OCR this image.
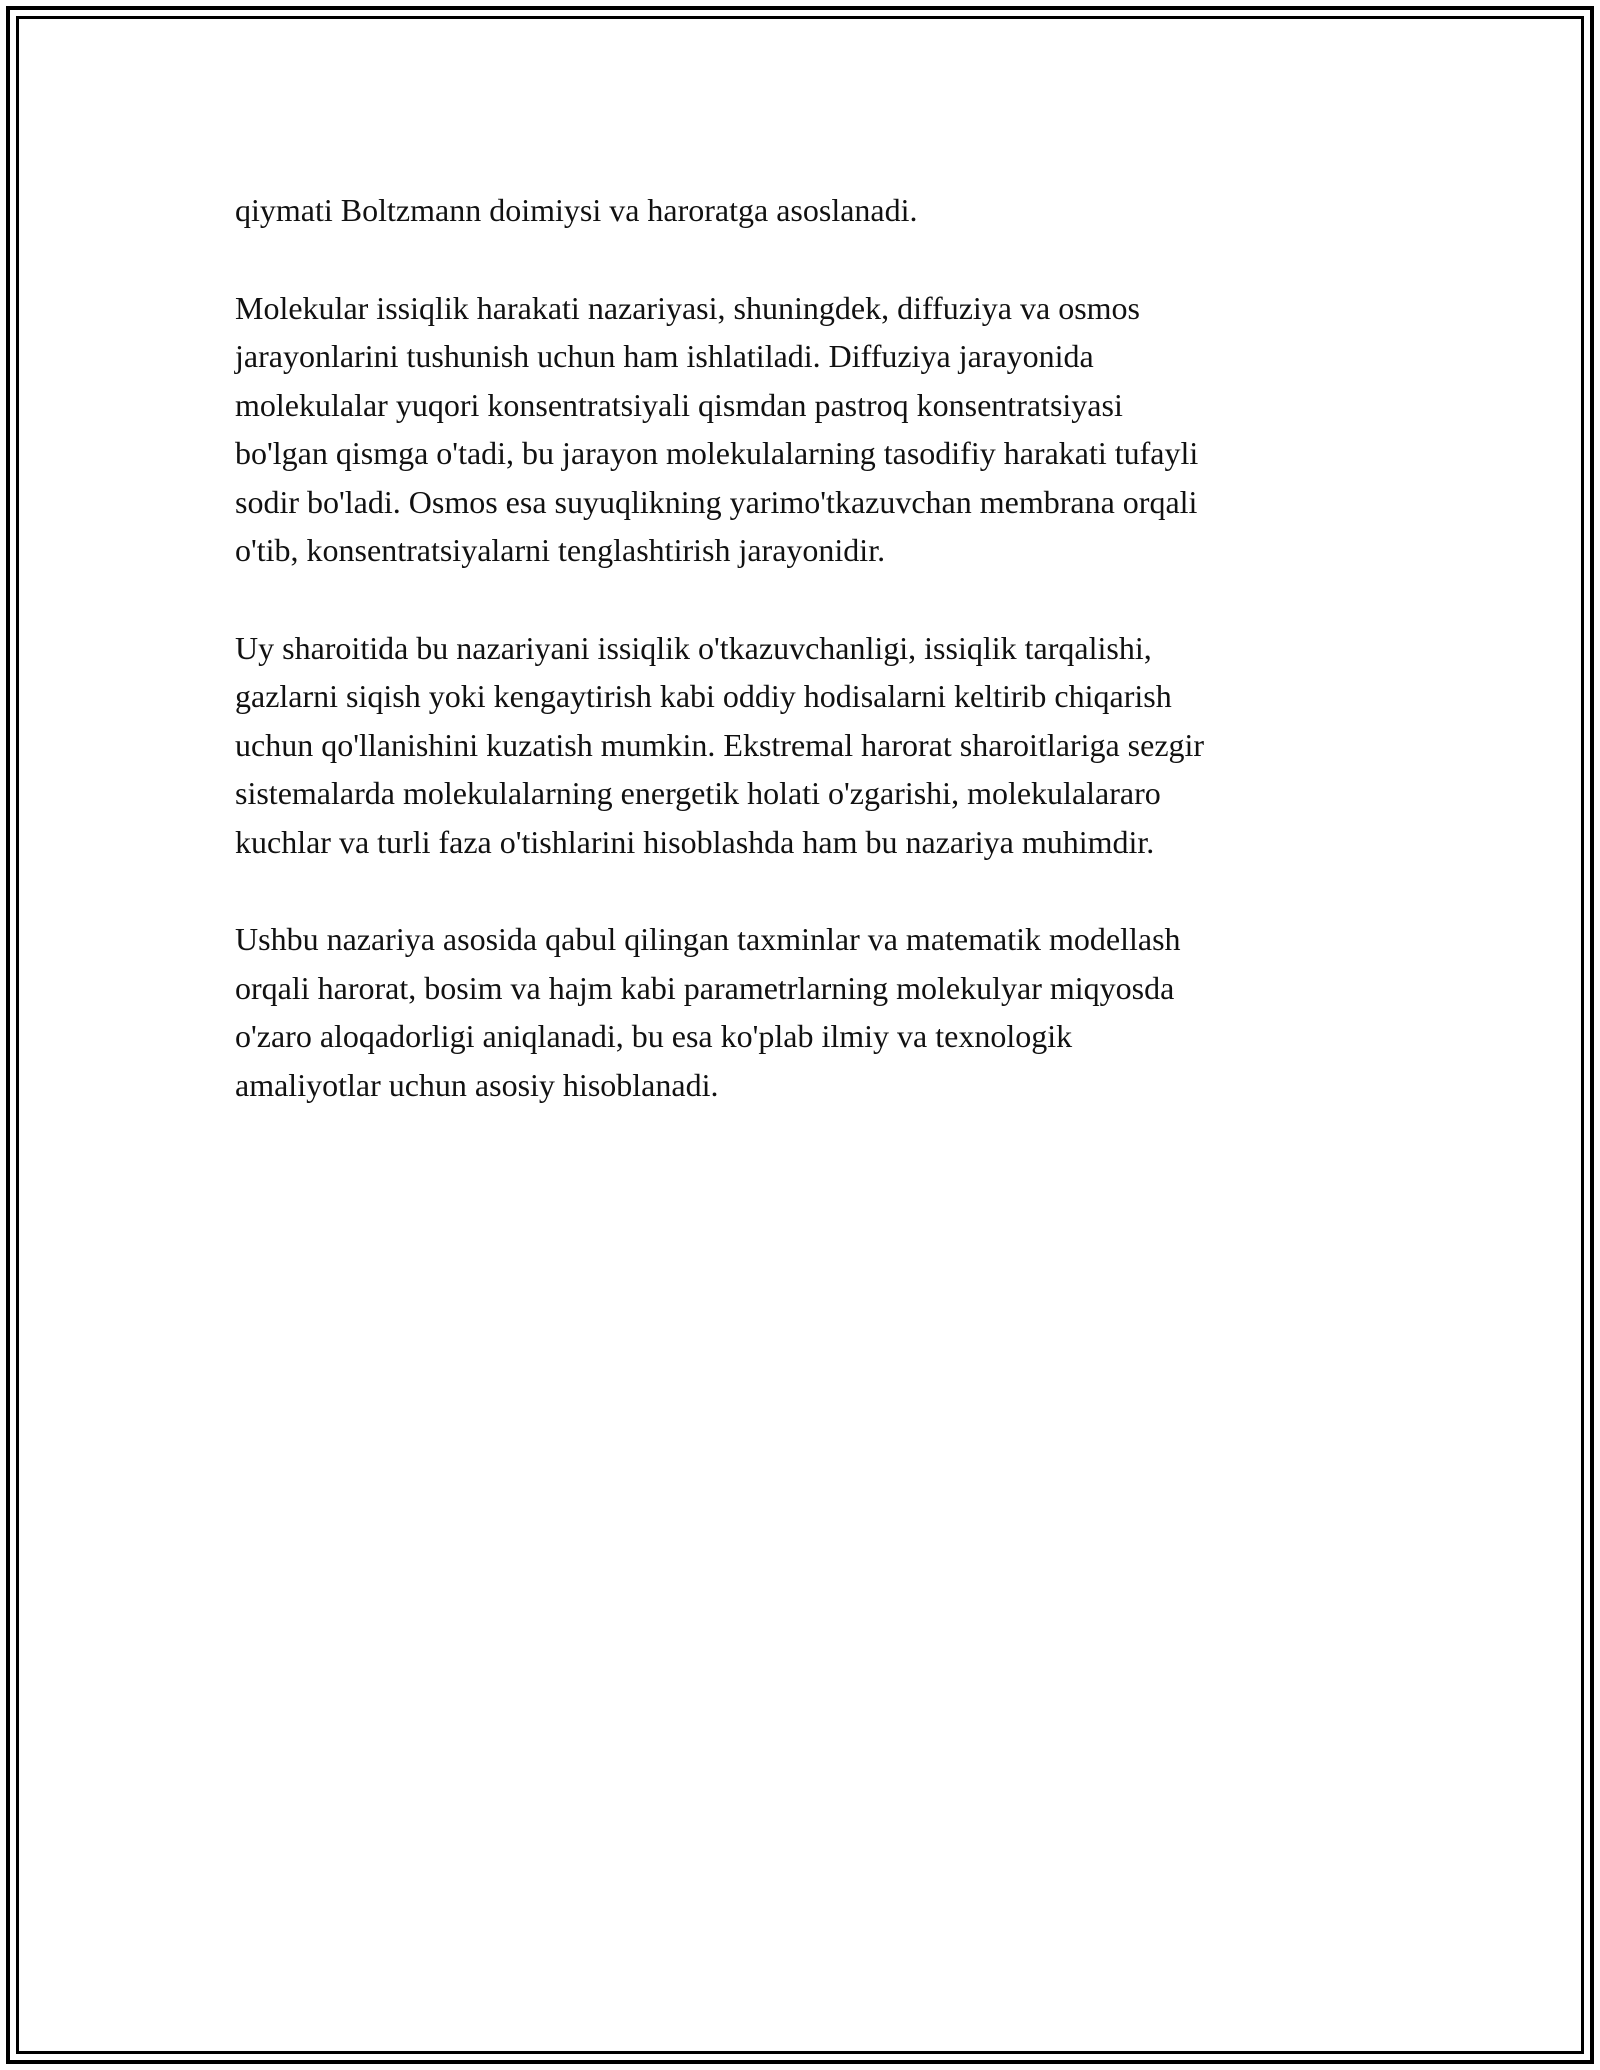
qiymati Boltzmann doimiysi va haroratga asoslanadi.

Molekular issiqlik harakati nazariyasi, shuningdek, diffuziya va osmos
jarayonlarini tushunish uchun ham ishlatiladi. Diffuziya jarayonida
molekulalar yuqori konsentratsiyali qismdan pastroq konsentratsiyasi
bo'lgan qismga o'tadi, bu jarayon molekulalarning tasodifiy harakati tufayli
sodir bo'ladi. Osmos esa suyuqlikning yarimo'tkazuvchan membrana orqali
o'tib, konsentratsiyalarni tenglashtirish jarayonidir.

Uy sharoitida bu nazariyani issiqlik o'tkazuvchanligi, issiqlik tarqalishi,
gazlarni siqish yoki kengaytirish kabi oddiy hodisalarni keltirib chiqarish
uchun qo'llanishini kuzatish mumkin. Ekstremal harorat sharoitlariga sezgir
sistemalarda molekulalarning energetik holati o'zgarishi, molekulalararo
kuchlar va turli faza o'tishlarini hisoblashda ham bu nazariya muhimdir.

Ushbu nazariya asosida qabul qilingan taxminlar va matematik modellash
orqali harorat, bosim va hajm kabi parametrlarning molekulyar miqyosda
o'zaro aloqadorligi aniqlanadi, bu esa ko'plab ilmiy va texnologik
amaliyotlar uchun asosiy hisoblanadi.
